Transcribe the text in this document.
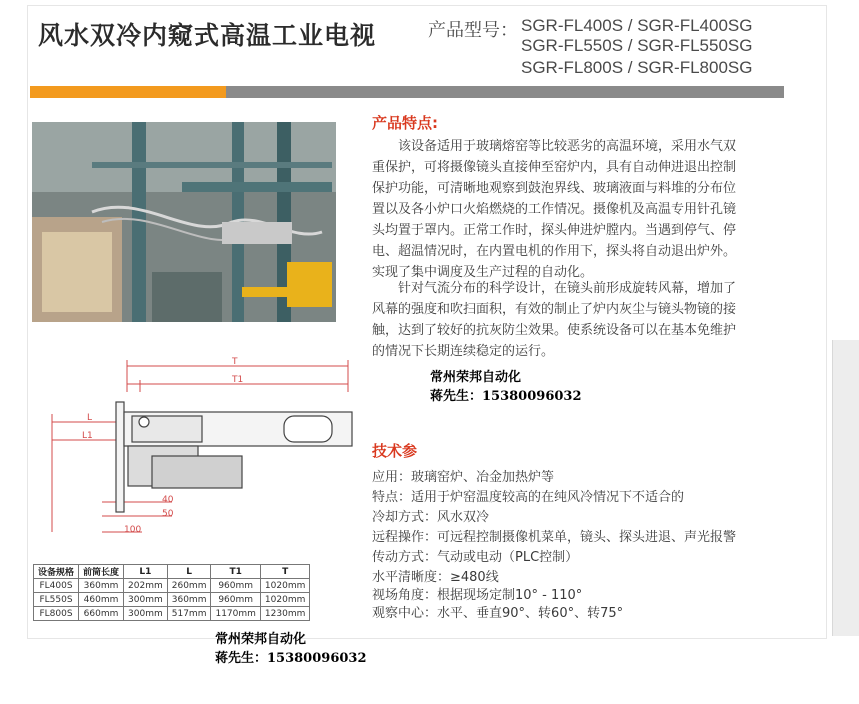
风水双冷内窥式高温工业电视	产品型号： SGR-FL400S / SGR-FL400SG
SGR-FL550S / SGR-FL550SG
SGR-FL800S / SGR-FL800SG
产品特点:
该设备适用于玻璃熔窑等比较恶劣的高温环境，采用水气双
重保护，可将摄像镜头直接伸至窑炉内，具有自动伸进退出控制
保护功能，可清晰地观察到鼓泡界线、玻璃液面与料堆的分布位
置以及各小炉口火焰燃烧的工作情况。摄像机及高温专用针孔镜
头均置于罩内。正常工作时，探头伸进炉膛内。当遇到停气、停
电、超温情况时，在内置电机的作用下，探头将自动退出炉外。
实现了集中调度及生产过程的自动化。
针对气流分布的科学设计，在镜头前形成旋转风幕，增加了
风幕的强度和吹扫面积，有效的制止了炉内灰尘与镜头物镜的接
触，达到了较好的抗灰防尘效果。使系统设备可以在基本免维护
的情况下长期连续稳定的运行。
T
T1
L
L1
40
50
100
设备规格	前筒长度	L1	L	T1	T
FL400S	360mm	202mm	260mm	960mm	1020mm
FL550S	460mm	300mm	360mm	960mm	1020mm
FL800S	660mm	300mm	517mm	1170mm	1230mm
技术参
应用：玻璃窑炉、冶金加热炉等
特点：适用于炉窑温度较高的在纯风冷情况下不适合的
冷却方式：风水双冷
远程操作：可远程控制摄像机菜单，镜头、探头进退、声光报警
传动方式：气动或电动（PLC控制）
水平清晰度：≥480线
视场角度：根据现场定制10° - 110°
观察中心：水平、垂直90°、转60°、转75°
常州荣邦自动化
蒋先生：15380096032
常州荣邦自动化
蒋先生：15380096032
